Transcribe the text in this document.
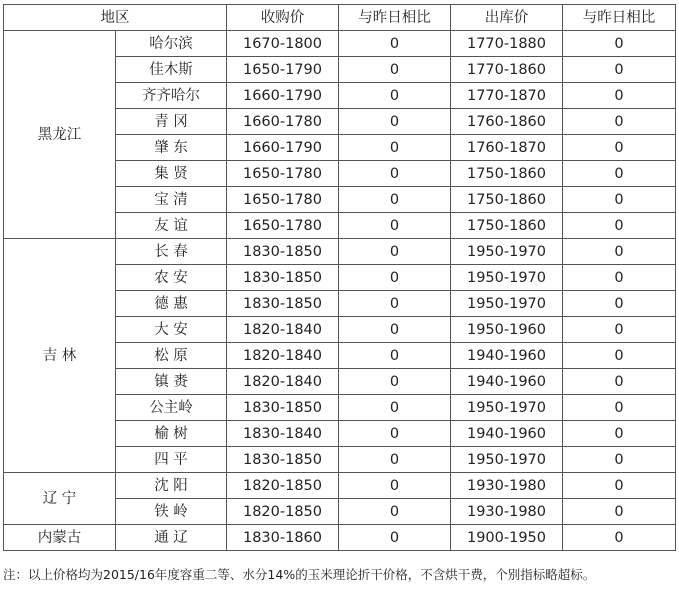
地区		收购价	与昨日相比	出库价	与昨日相比
黑龙江	哈尔滨	1670-1800	0	1770-1880	0
	佳木斯	1650-1790	0	1770-1860	0
	齐齐哈尔	1660-1790	0	1770-1870	0
	青 冈	1660-1780	0	1760-1860	0
	肇 东	1660-1790	0	1760-1870	0
	集 贤	1650-1780	0	1750-1860	0
	宝 清	1650-1780	0	1750-1860	0
	友 谊	1650-1780	0	1750-1860	0
吉 林	长 春	1830-1850	0	1950-1970	0
	农 安	1830-1850	0	1950-1970	0
	德 惠	1830-1850	0	1950-1970	0
	大 安	1820-1840	0	1950-1960	0
	松 原	1820-1840	0	1940-1960	0
	镇 赉	1820-1840	0	1940-1960	0
	公主岭	1830-1850	0	1950-1970	0
	榆 树	1830-1840	0	1940-1960	0
	四 平	1830-1850	0	1950-1970	0
辽 宁	沈 阳	1820-1850	0	1930-1980	0
	铁 岭	1820-1850	0	1930-1980	0
内蒙古	通 辽	1830-1860	0	1900-1950	0
注：以上价格均为2015/16年度容重二等、水分14%的玉米理论折干价格，不含烘干费，个别指标略超标。
